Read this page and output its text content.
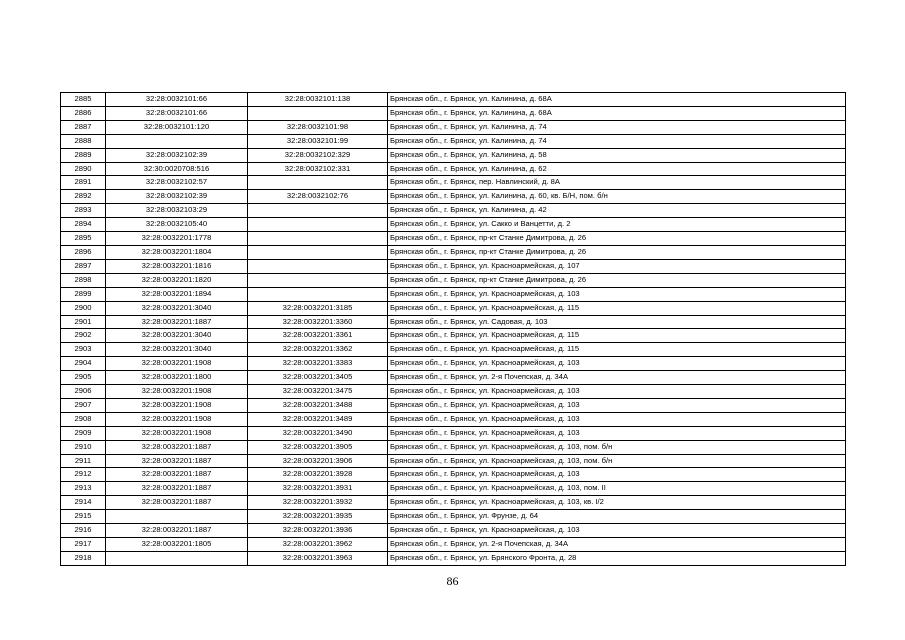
2885	32:28:0032101:66	32:28:0032101:138	Брянская обл., г. Брянск, ул. Калинина, д. 68А
2886	32:28:0032101:66		Брянская обл., г. Брянск, ул. Калинина, д. 68А
2887	32:28:0032101:120	32:28:0032101:98	Брянская обл., г. Брянск, ул. Калинина, д. 74
2888		32:28:0032101:99	Брянская обл., г. Брянск, ул. Калинина, д. 74
2889	32:28:0032102:39	32:28:0032102:329	Брянская обл., г. Брянск, ул. Калинина, д. 58
2890	32:30:0020708:516	32:28:0032102:331	Брянская обл., г. Брянск, ул. Калинина, д. 62
2891	32:28:0032102:57		Брянская обл., г. Брянск, пер. Навлинский, д. 8А
2892	32:28:0032102:39	32:28:0032102:76	Брянская обл., г. Брянск, ул. Калинина, д. 60, кв. Б/Н, пом. б/н
2893	32:28:0032103:29		Брянская обл., г. Брянск, ул. Калинина, д. 42
2894	32:28:0032105:40		Брянская обл., г. Брянск, ул. Сакко и Ванцетти, д. 2
2895	32:28:0032201:1778		Брянская обл., г. Брянск, пр-кт Станке Димитрова, д. 26
2896	32:28:0032201:1804		Брянская обл., г. Брянск, пр-кт Станке Димитрова, д. 26
2897	32:28:0032201:1816		Брянская обл., г. Брянск, ул. Красноармейская, д. 107
2898	32:28:0032201:1820		Брянская обл., г. Брянск, пр-кт Станке Димитрова, д. 26
2899	32:28:0032201:1894		Брянская обл., г. Брянск, ул. Красноармейская, д. 103
2900	32:28:0032201:3040	32:28:0032201:3185	Брянская обл., г. Брянск, ул. Красноармейская, д. 115
2901	32:28:0032201:1887	32:28:0032201:3360	Брянская обл., г. Брянск, ул. Садовая, д. 103
2902	32:28:0032201:3040	32:28:0032201:3361	Брянская обл., г. Брянск, ул. Красноармейская, д. 115
2903	32:28:0032201:3040	32:28:0032201:3362	Брянская обл., г. Брянск, ул. Красноармейская, д. 115
2904	32:28:0032201:1908	32:28:0032201:3383	Брянская обл., г. Брянск, ул. Красноармейская, д. 103
2905	32:28:0032201:1800	32:28:0032201:3405	Брянская обл., г. Брянск, ул. 2-я Почепская, д. 34А
2906	32:28:0032201:1908	32:28:0032201:3475	Брянская обл., г. Брянск, ул. Красноармейская, д. 103
2907	32:28:0032201:1908	32:28:0032201:3488	Брянская обл., г. Брянск, ул. Красноармейская, д. 103
2908	32:28:0032201:1908	32:28:0032201:3489	Брянская обл., г. Брянск, ул. Красноармейская, д. 103
2909	32:28:0032201:1908	32:28:0032201:3490	Брянская обл., г. Брянск, ул. Красноармейская, д. 103
2910	32:28:0032201:1887	32:28:0032201:3905	Брянская обл., г. Брянск, ул. Красноармейская, д. 103, пом. б/н
2911	32:28:0032201:1887	32:28:0032201:3906	Брянская обл., г. Брянск, ул. Красноармейская, д. 103, пом. б/н
2912	32:28:0032201:1887	32:28:0032201:3928	Брянская обл., г. Брянск, ул. Красноармейская, д. 103
2913	32:28:0032201:1887	32:28:0032201:3931	Брянская обл., г. Брянск, ул. Красноармейская, д. 103, пом. II
2914	32:28:0032201:1887	32:28:0032201:3932	Брянская обл., г. Брянск, ул. Красноармейская, д. 103, кв. I/2
2915		32:28:0032201:3935	Брянская обл., г. Брянск, ул. Фрунзе, д. 64
2916	32:28:0032201:1887	32:28:0032201:3936	Брянская обл., г. Брянск, ул. Красноармейская, д. 103
2917	32:28:0032201:1805	32:28:0032201:3962	Брянская обл., г. Брянск, ул. 2-я Почепская, д. 34А
2918		32:28:0032201:3963	Брянская обл., г. Брянск, ул. Брянского Фронта, д. 28
86
